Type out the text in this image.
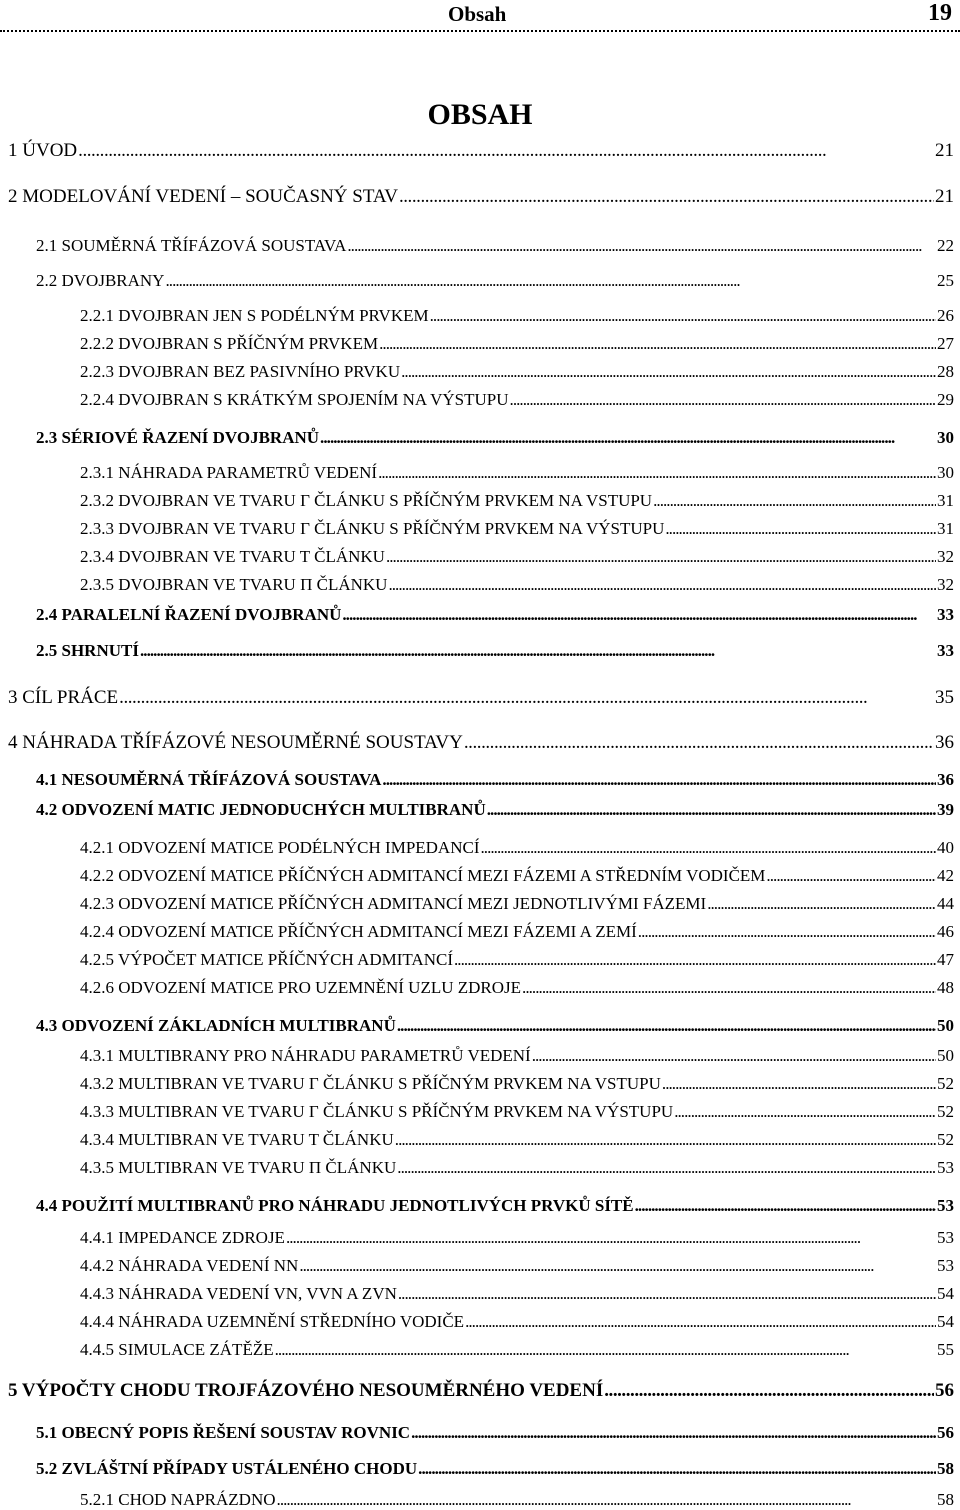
Obsah	19
OBSAH
1 ÚVOD . . .	21
2 MODELOVÁNÍ VEDENÍ – SOUČASNÝ STAV . . .	21
2.1 SOUMĚRNÁ TŘÍFÁZOVÁ SOUSTAVA . . .	22
2.2 DVOJBRANY . . .	25
2.2.1 DVOJBRAN JEN S PODÉLNÝM PRVKEM . . .	26
2.2.2 DVOJBRAN S PŘÍČNÝM PRVKEM . . .	27
2.2.3 DVOJBRAN BEZ PASIVNÍHO PRVKU . . .	28
2.2.4 DVOJBRAN S KRÁTKÝM SPOJENÍM NA VÝSTUPU . . .	29
2.3 SÉRIOVÉ ŘAZENÍ DVOJBRANŮ . . .	30
2.3.1 NÁHRADA PARAMETRŮ VEDENÍ . . .	30
2.3.2 DVOJBRAN VE TVARU Γ ČLÁNKU S PŘÍČNÝM PRVKEM NA VSTUPU . . .	31
2.3.3 DVOJBRAN VE TVARU Γ ČLÁNKU S PŘÍČNÝM PRVKEM NA VÝSTUPU . . .	31
2.3.4 DVOJBRAN VE TVARU T ČLÁNKU . . .	32
2.3.5 DVOJBRAN VE TVARU Π ČLÁNKU . . .	32
2.4 PARALELNÍ ŘAZENÍ DVOJBRANŮ . . .	33
2.5 SHRNUTÍ . . .	33
3 CÍL PRÁCE . . .	35
4 NÁHRADA TŘÍFÁZOVÉ NESOUMĚRNÉ SOUSTAVY . . .	36
4.1 NESOUMĚRNÁ TŘÍFÁZOVÁ SOUSTAVA . . .	36
4.2 ODVOZENÍ MATIC JEDNODUCHÝCH MULTIBRANŮ . . .	39
4.2.1 ODVOZENÍ MATICE PODÉLNÝCH IMPEDANCÍ . . .	40
4.2.2 ODVOZENÍ MATICE PŘÍČNÝCH ADMITANCÍ MEZI FÁZEMI A STŘEDNÍM VODIČEM . . .	42
4.2.3 ODVOZENÍ MATICE PŘÍČNÝCH ADMITANCÍ MEZI JEDNOTLIVÝMI FÁZEMI . . .	44
4.2.4 ODVOZENÍ MATICE PŘÍČNÝCH ADMITANCÍ MEZI FÁZEMI A ZEMÍ . . .	46
4.2.5 VÝPOČET MATICE PŘÍČNÝCH ADMITANCÍ . . .	47
4.2.6 ODVOZENÍ MATICE PRO UZEMNĚNÍ UZLU ZDROJE . . .	48
4.3 ODVOZENÍ ZÁKLADNÍCH MULTIBRANŮ . . .	50
4.3.1 MULTIBRANY PRO NÁHRADU PARAMETRŮ VEDENÍ . . .	50
4.3.2 MULTIBRAN VE TVARU Γ ČLÁNKU S PŘÍČNÝM PRVKEM NA VSTUPU . . .	52
4.3.3 MULTIBRAN VE TVARU Γ ČLÁNKU S PŘÍČNÝM PRVKEM NA VÝSTUPU . . .	52
4.3.4 MULTIBRAN VE TVARU T ČLÁNKU . . .	52
4.3.5 MULTIBRAN VE TVARU Π ČLÁNKU . . .	53
4.4 POUŽITÍ MULTIBRANŮ PRO NÁHRADU JEDNOTLIVÝCH PRVKŮ SÍTĚ . . .	53
4.4.1 IMPEDANCE ZDROJE . . .	53
4.4.2 NÁHRADA VEDENÍ NN . . .	53
4.4.3 NÁHRADA VEDENÍ VN, VVN A ZVN . . .	54
4.4.4 NÁHRADA UZEMNĚNÍ STŘEDNÍHO VODIČE . . .	54
4.4.5 SIMULACE ZÁTĚŽE . . .	55
5 VÝPOČTY CHODU TROJFÁZOVÉHO NESOUMĚRNÉHO VEDENÍ . . .	56
5.1 OBECNÝ POPIS ŘEŠENÍ SOUSTAV ROVNIC . . .	56
5.2 ZVLÁŠTNÍ PŘÍPADY USTÁLENÉHO CHODU . . .	58
5.2.1 CHOD NAPRÁZDNO . . .	58
